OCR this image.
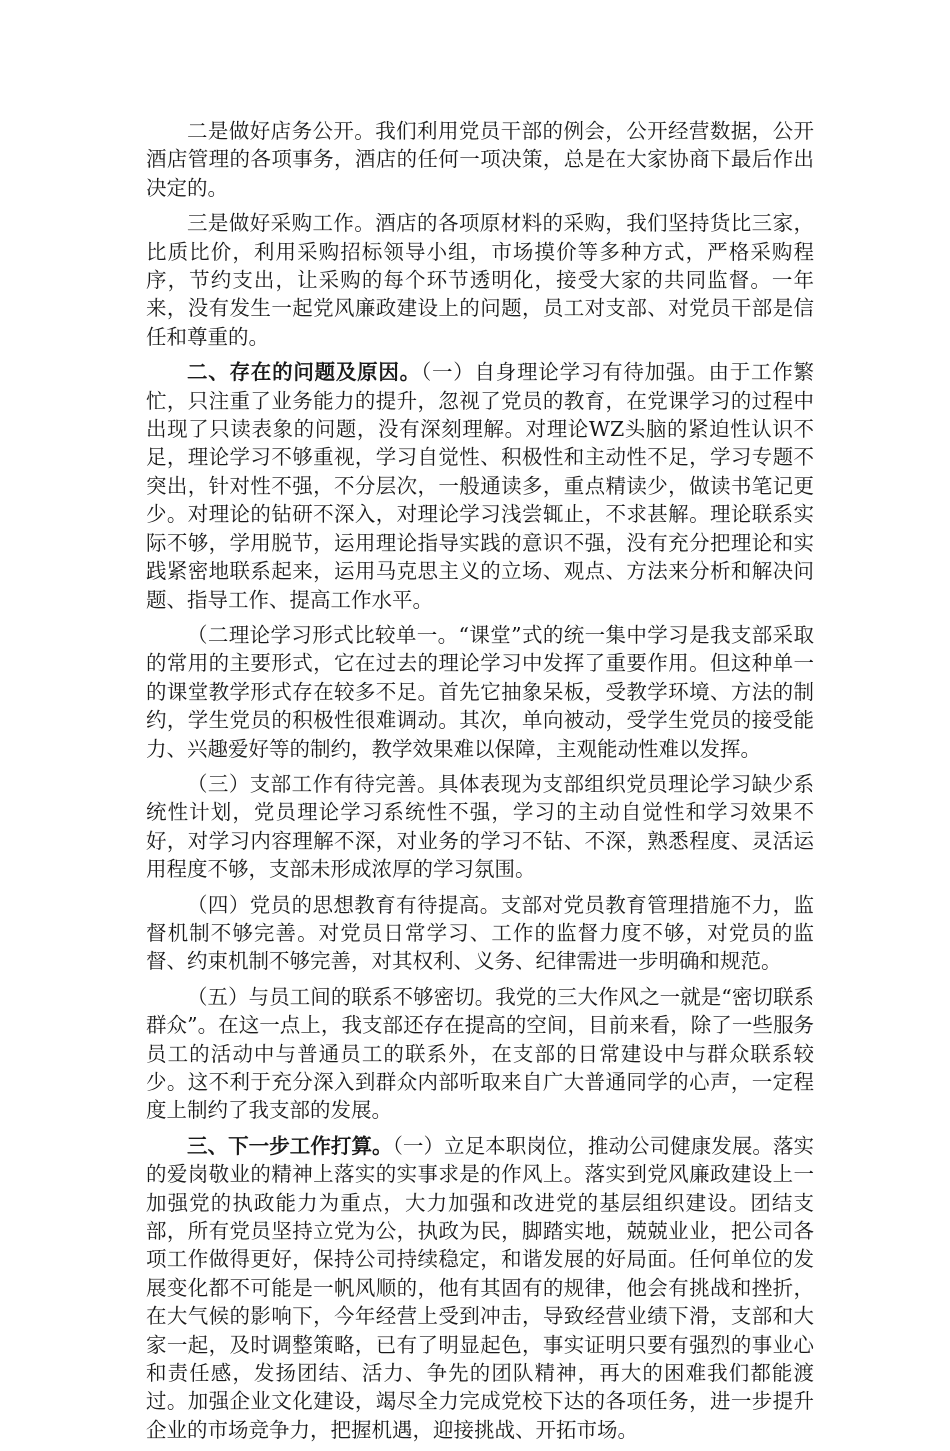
二是做好店务公开。我们利用党员干部的例会，公开经营数据，公开酒店管理的各项事务，酒店的任何一项决策，总是在大家协商下最后作出决定的。

三是做好采购工作。酒店的各项原材料的采购，我们坚持货比三家，比质比价，利用采购招标领导小组，市场摸价等多种方式，严格采购程序，节约支出，让采购的每个环节透明化，接受大家的共同监督。一年来，没有发生一起党风廉政建设上的问题，员工对支部、对党员干部是信任和尊重的。

二、存在的问题及原因。（一）自身理论学习有待加强。由于工作繁忙，只注重了业务能力的提升，忽视了党员的教育，在党课学习的过程中出现了只读表象的问题，没有深刻理解。对理论WZ头脑的紧迫性认识不足，理论学习不够重视，学习自觉性、积极性和主动性不足，学习专题不突出，针对性不强，不分层次，一般通读多，重点精读少，做读书笔记更少。对理论的钻研不深入，对理论学习浅尝辄止，不求甚解。理论联系实际不够，学用脱节，运用理论指导实践的意识不强，没有充分把理论和实践紧密地联系起来，运用马克思主义的立场、观点、方法来分析和解决问题、指导工作、提高工作水平。

（二理论学习形式比较单一。“课堂”式的统一集中学习是我支部采取的常用的主要形式，它在过去的理论学习中发挥了重要作用。但这种单一的课堂教学形式存在较多不足。首先它抽象呆板，受教学环境、方法的制约，学生党员的积极性很难调动。其次，单向被动，受学生党员的接受能力、兴趣爱好等的制约，教学效果难以保障，主观能动性难以发挥。

（三）支部工作有待完善。具体表现为支部组织党员理论学习缺少系统性计划，党员理论学习系统性不强，学习的主动自觉性和学习效果不好，对学习内容理解不深，对业务的学习不钻、不深，熟悉程度、灵活运用程度不够，支部未形成浓厚的学习氛围。

（四）党员的思想教育有待提高。支部对党员教育管理措施不力，监督机制不够完善。对党员日常学习、工作的监督力度不够，对党员的监督、约束机制不够完善，对其权利、义务、纪律需进一步明确和规范。

（五）与员工间的联系不够密切。我党的三大作风之一就是“密切联系群众”。在这一点上，我支部还存在提高的空间，目前来看，除了一些服务员工的活动中与普通员工的联系外，在支部的日常建设中与群众联系较少。这不利于充分深入到群众内部听取来自广大普通同学的心声，一定程度上制约了我支部的发展。

三、下一步工作打算。（一）立足本职岗位，推动公司健康发展。落实的爱岗敬业的精神上落实的实事求是的作风上。落实到党风廉政建设上一加强党的执政能力为重点，大力加强和改进党的基层组织建设。团结支部，所有党员坚持立党为公，执政为民，脚踏实地，兢兢业业，把公司各项工作做得更好，保持公司持续稳定，和谐发展的好局面。任何单位的发展变化都不可能是一帆风顺的，他有其固有的规律，他会有挑战和挫折，在大气候的影响下，今年经营上受到冲击，导致经营业绩下滑，支部和大家一起，及时调整策略，已有了明显起色，事实证明只要有强烈的事业心和责任感，发扬团结、活力、争先的团队精神，再大的困难我们都能渡过。加强企业文化建设，竭尽全力完成党校下达的各项任务，进一步提升企业的市场竞争力，把握机遇，迎接挑战、开拓市场。
